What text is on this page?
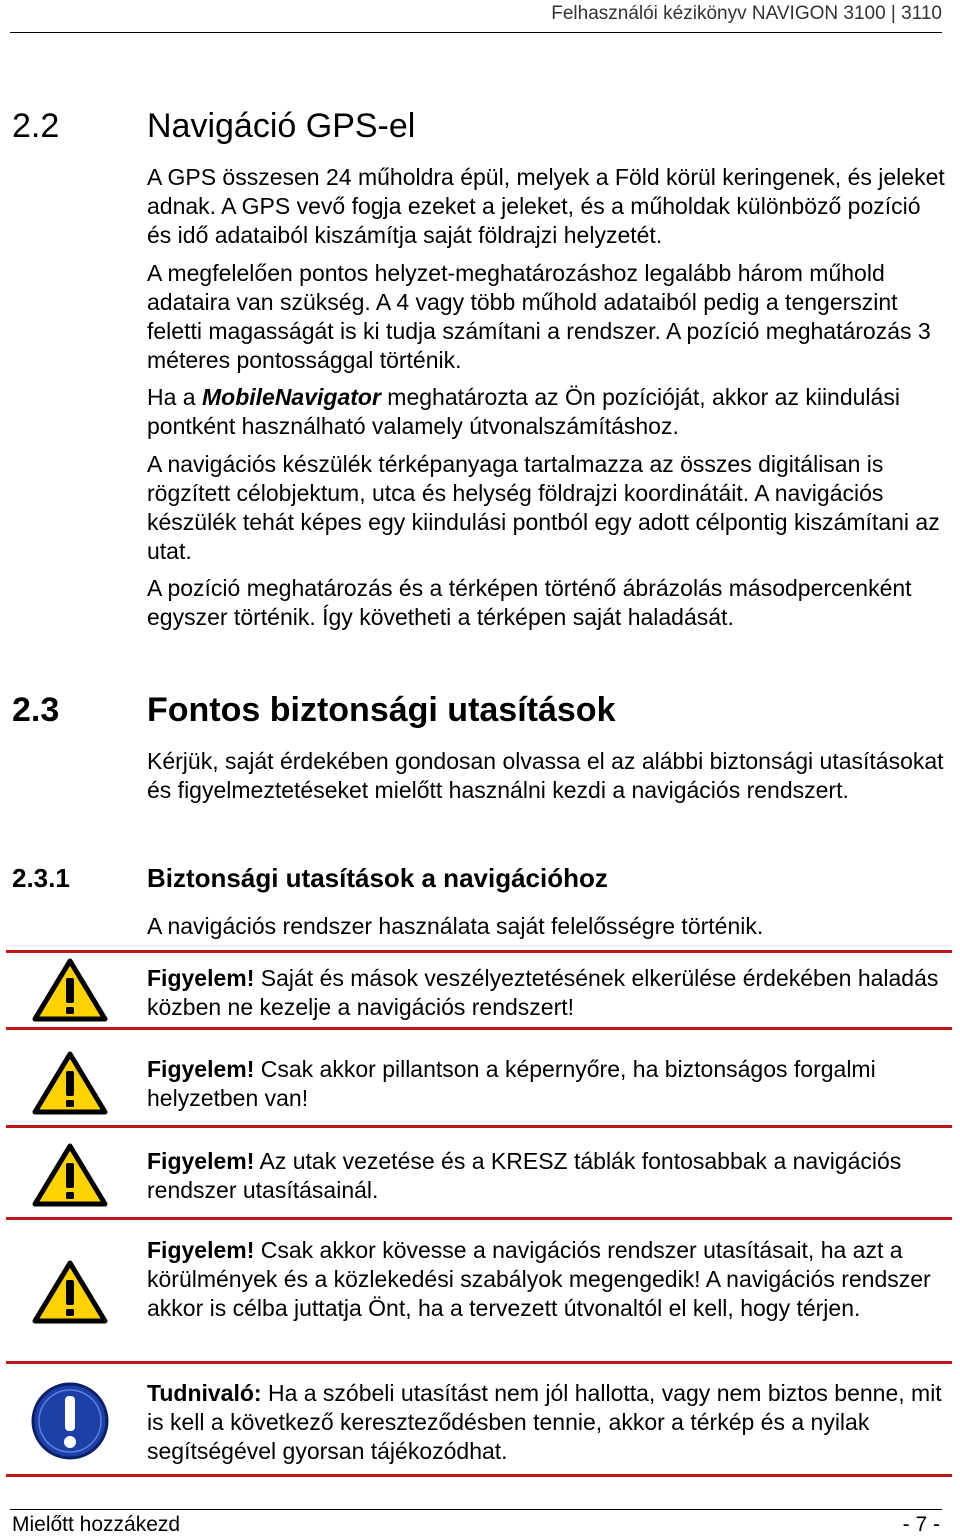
Felhasználói kézikönyv NAVIGON 3100 | 3110
2.2	Navigáció GPS-el

A GPS összesen 24 műholdra épül, melyek a Föld körül keringenek, és jeleket adnak. A GPS vevő fogja ezeket a jeleket, és a műholdak különböző pozíció és idő adataiból kiszámítja saját földrajzi helyzetét.

A megfelelően pontos helyzet-meghatározáshoz legalább három műhold adataira van szükség. A 4 vagy több műhold adataiból pedig a tengerszint feletti magasságát is ki tudja számítani a rendszer. A pozíció meghatározás 3 méteres pontossággal történik.

Ha a MobileNavigator meghatározta az Ön pozícióját, akkor az kiindulási pontként használható valamely útvonalszámításhoz.

A navigációs készülék térképanyaga tartalmazza az összes digitálisan is rögzített célobjektum, utca és helység földrajzi koordinátáit. A navigációs készülék tehát képes egy kiindulási pontból egy adott célpontig kiszámítani az utat.

A pozíció meghatározás és a térképen történő ábrázolás másodpercenként egyszer történik. Így követheti a térképen saját haladását.

2.3	Fontos biztonsági utasítások

Kérjük, saját érdekében gondosan olvassa el az alábbi biztonsági utasításokat és figyelmeztetéseket mielőtt használni kezdi a navigációs rendszert.

2.3.1	Biztonsági utasítások a navigációhoz

A navigációs rendszer használata saját felelősségre történik.

Figyelem! Saját és mások veszélyeztetésének elkerülése érdekében haladás közben ne kezelje a navigációs rendszert!

Figyelem! Csak akkor pillantson a képernyőre, ha biztonságos forgalmi helyzetben van!

Figyelem! Az utak vezetése és a KRESZ táblák fontosabbak a navigációs rendszer utasításainál.

Figyelem! Csak akkor kövesse a navigációs rendszer utasításait, ha azt a körülmények és a közlekedési szabályok megengedik! A navigációs rendszer akkor is célba juttatja Önt, ha a tervezett útvonaltól el kell, hogy térjen.

Tudnivaló: Ha a szóbeli utasítást nem jól hallotta, vagy nem biztos benne, mit is kell a következő kereszteződésben tennie, akkor a térkép és a nyilak segítségével gyorsan tájékozódhat.

Mielőtt hozzákezd	- 7 -
